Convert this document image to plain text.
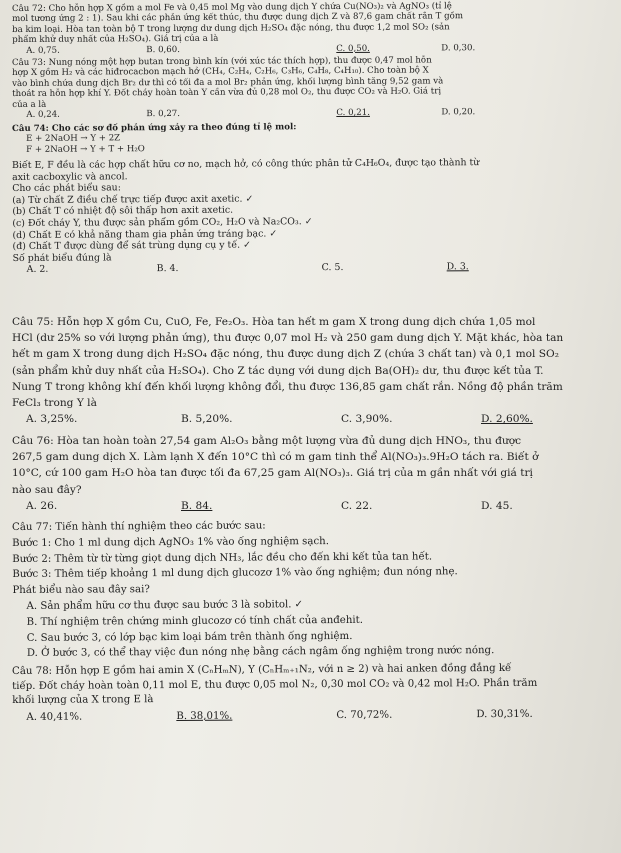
Câu 72: Cho hỗn hợp X gồm a mol Fe và 0,45 mol Mg vào dung dịch Y chứa Cu(NO₃)₂ và AgNO₃ (tỉ lệ
mol tương ứng 2 : 1). Sau khi các phản ứng kết thúc, thu được dung dịch Z và 87,6 gam chất rắn T gồm
ba kim loại. Hòa tan toàn bộ T trong lượng dư dung dịch H₂SO₄ đặc nóng, thu được 1,2 mol SO₂ (sản
phẩm khử duy nhất của H₂SO₄). Giá trị của a là
A. 0,75.	B. 0,60.	C. 0,50.	D. 0,30.
Câu 73: Nung nóng một hợp butan trong bình kín (với xúc tác thích hợp), thu được 0,47 mol hỗn
hợp X gồm H₂ và các hiđrocacbon mạch hở (CH₄, C₂H₄, C₂H₆, C₃H₆, C₄H₈, C₄H₁₀). Cho toàn bộ X
vào bình chứa dung dịch Br₂ dư thì có tối đa a mol Br₂ phản ứng, khối lượng bình tăng 9,52 gam và
thoát ra hỗn hợp khí Y. Đốt cháy hoàn toàn Y cần vừa đủ 0,28 mol O₂, thu được CO₂ và H₂O. Giá trị
của a là
A. 0,24.	B. 0,27.	C. 0,21.	D. 0,20.
Câu 74: Cho các sơ đồ phản ứng xảy ra theo đúng tỉ lệ mol:
E + 2NaOH → Y + 2Z
F + 2NaOH → Y + T + H₂O
Biết E, F đều là các hợp chất hữu cơ no, mạch hở, có công thức phân tử C₄H₆O₄, được tạo thành từ
axit cacboxylic và ancol.
Cho các phát biểu sau:
(a) Từ chất Z điều chế trực tiếp được axit axetic. ✓
(b) Chất T có nhiệt độ sôi thấp hơn axit axetic.
(c) Đốt cháy Y, thu được sản phẩm gồm CO₂, H₂O và Na₂CO₃. ✓
(d) Chất E có khả năng tham gia phản ứng tráng bạc. ✓
(đ) Chất T được dùng để sát trùng dụng cụ y tế. ✓
Số phát biểu đúng là
A. 2.	B. 4.	C. 5.	D. 3.
Câu 75: Hỗn hợp X gồm Cu, CuO, Fe, Fe₂O₃. Hòa tan hết m gam X trong dung dịch chứa 1,05 mol
HCl (dư 25% so với lượng phản ứng), thu được 0,07 mol H₂ và 250 gam dung dịch Y. Mặt khác, hòa tan
hết m gam X trong dung dịch H₂SO₄ đặc nóng, thu được dung dịch Z (chứa 3 chất tan) và 0,1 mol SO₂
(sản phẩm khử duy nhất của H₂SO₄). Cho Z tác dụng với dung dịch Ba(OH)₂ dư, thu được kết tủa T.
Nung T trong không khí đến khối lượng không đổi, thu được 136,85 gam chất rắn. Nồng độ phần trăm
FeCl₃ trong Y là
A. 3,25%.	B. 5,20%.	C. 3,90%.	D. 2,60%.
Câu 76: Hòa tan hoàn toàn 27,54 gam Al₂O₃ bằng một lượng vừa đủ dung dịch HNO₃, thu được
267,5 gam dung dịch X. Làm lạnh X đến 10°C thì có m gam tinh thể Al(NO₃)₃.9H₂O tách ra. Biết ở
10°C, cứ 100 gam H₂O hòa tan được tối đa 67,25 gam Al(NO₃)₃. Giá trị của m gần nhất với giá trị
nào sau đây?
A. 26.	B. 84.	C. 22.	D. 45.
Câu 77: Tiến hành thí nghiệm theo các bước sau:
Bước 1: Cho 1 ml dung dịch AgNO₃ 1% vào ống nghiệm sạch.
Bước 2: Thêm từ từ từng giọt dung dịch NH₃, lắc đều cho đến khi kết tủa tan hết.
Bước 3: Thêm tiếp khoảng 1 ml dung dịch glucozơ 1% vào ống nghiệm; đun nóng nhẹ.
Phát biểu nào sau đây sai?
A. Sản phẩm hữu cơ thu được sau bước 3 là sobitol. ✓
B. Thí nghiệm trên chứng minh glucozơ có tính chất của anđehit.
C. Sau bước 3, có lớp bạc kim loại bám trên thành ống nghiệm.
D. Ở bước 3, có thể thay việc đun nóng nhẹ bằng cách ngâm ống nghiệm trong nước nóng.
Câu 78: Hỗn hợp E gồm hai amin X (CₙHₘN), Y (CₙHₘ₊₁N₂, với n ≥ 2) và hai anken đồng đẳng kế
tiếp. Đốt cháy hoàn toàn 0,11 mol E, thu được 0,05 mol N₂, 0,30 mol CO₂ và 0,42 mol H₂O. Phần trăm
khối lượng của X trong E là
A. 40,41%.	B. 38,01%.	C. 70,72%.	D. 30,31%.
